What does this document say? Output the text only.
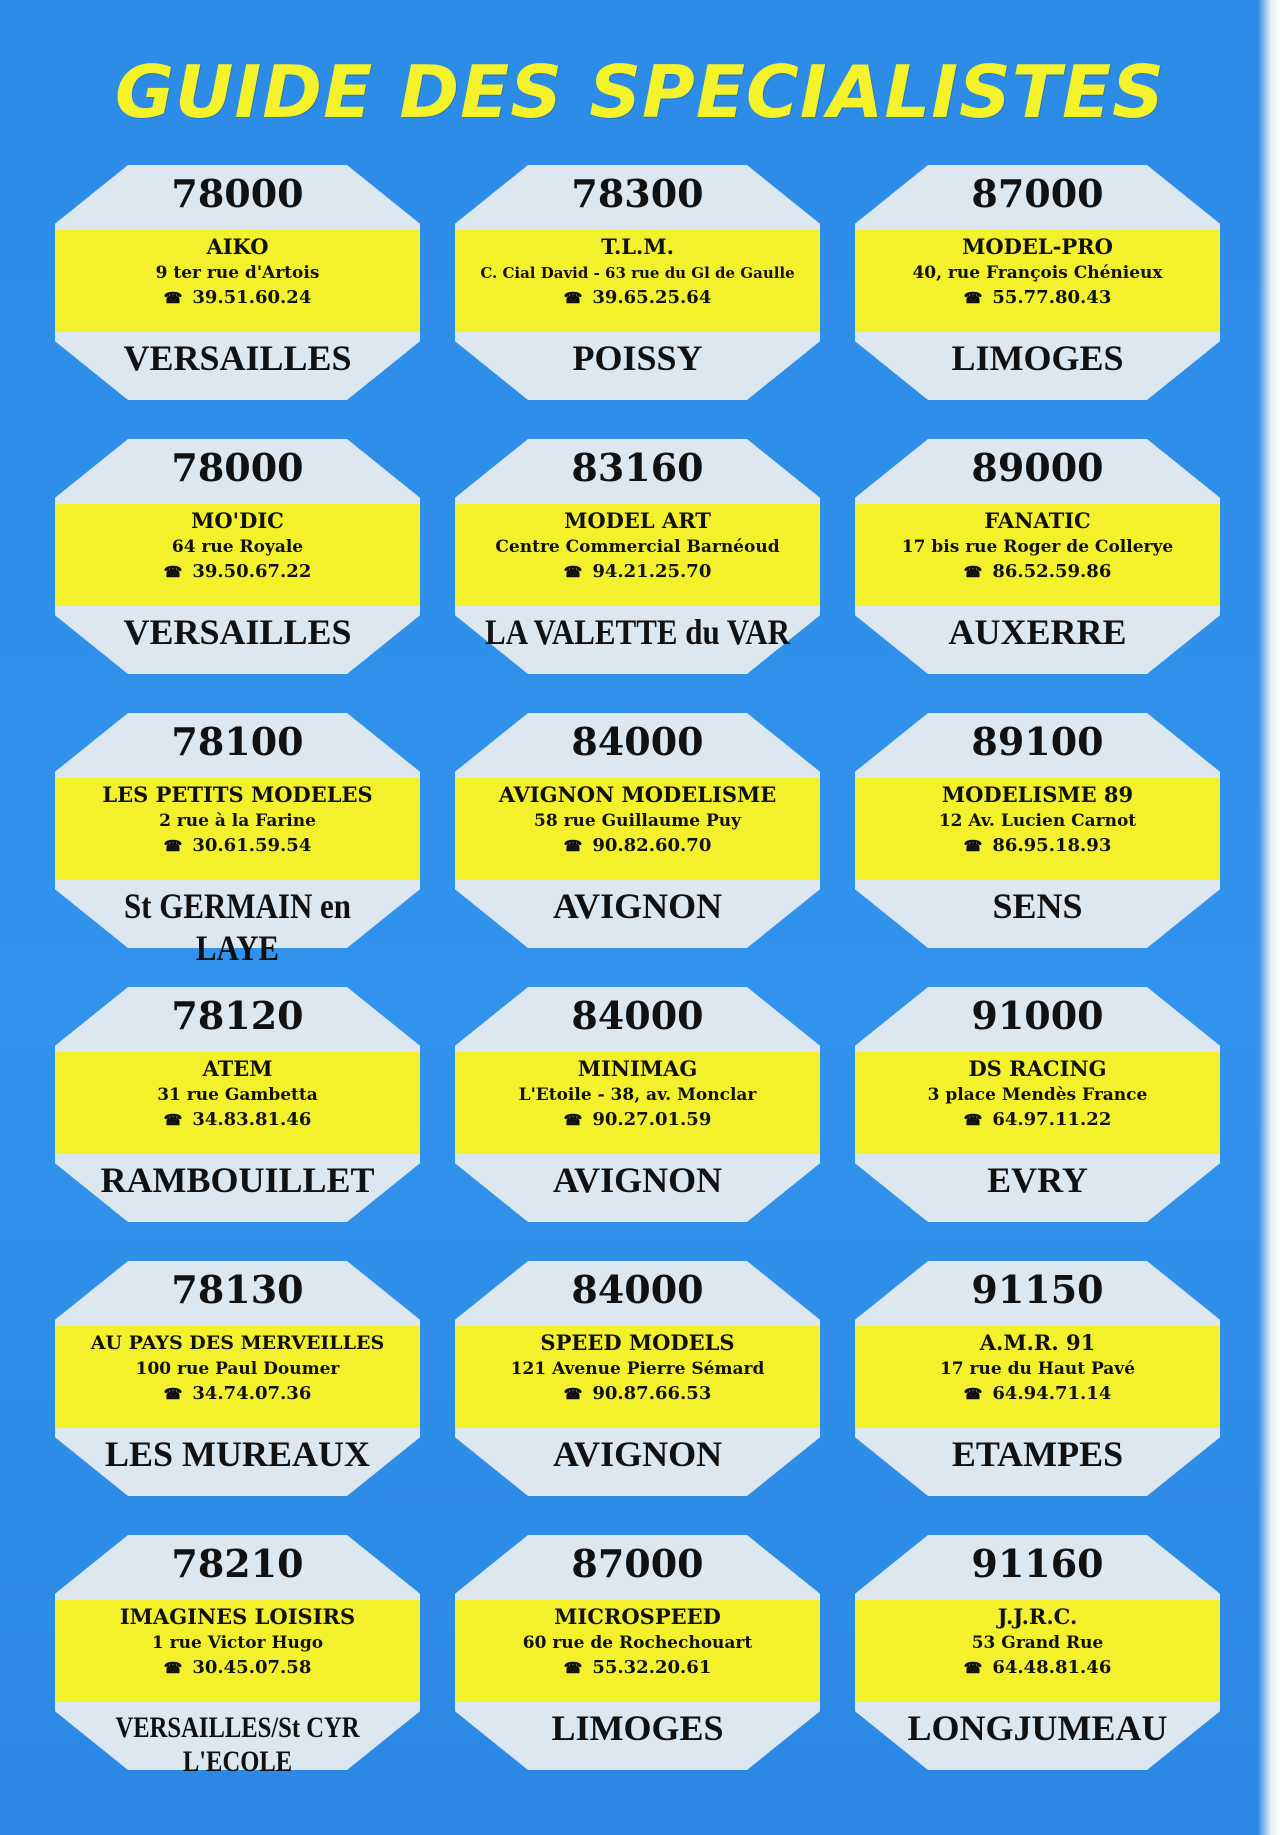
GUIDE DES SPECIALISTES
78000
AIKO
9 ter rue d'Artois
☎ 39.51.60.24
VERSAILLES
78300
T.L.M.
C. Cial David - 63 rue du Gl de Gaulle
☎ 39.65.25.64
POISSY
87000
MODEL-PRO
40, rue François Chénieux
☎ 55.77.80.43
LIMOGES
78000
MO'DIC
64 rue Royale
☎ 39.50.67.22
VERSAILLES
83160
MODEL ART
Centre Commercial Barnéoud
☎ 94.21.25.70
LA VALETTE du VAR
89000
FANATIC
17 bis rue Roger de Collerye
☎ 86.52.59.86
AUXERRE
78100
LES PETITS MODELES
2 rue à la Farine
☎ 30.61.59.54
St GERMAIN en LAYE
84000
AVIGNON MODELISME
58 rue Guillaume Puy
☎ 90.82.60.70
AVIGNON
89100
MODELISME 89
12 Av. Lucien Carnot
☎ 86.95.18.93
SENS
78120
ATEM
31 rue Gambetta
☎ 34.83.81.46
RAMBOUILLET
84000
MINIMAG
L'Etoile - 38, av. Monclar
☎ 90.27.01.59
AVIGNON
91000
DS RACING
3 place Mendès France
☎ 64.97.11.22
EVRY
78130
AU PAYS DES MERVEILLES
100 rue Paul Doumer
☎ 34.74.07.36
LES MUREAUX
84000
SPEED MODELS
121 Avenue Pierre Sémard
☎ 90.87.66.53
AVIGNON
91150
A.M.R. 91
17 rue du Haut Pavé
☎ 64.94.71.14
ETAMPES
78210
IMAGINES LOISIRS
1 rue Victor Hugo
☎ 30.45.07.58
VERSAILLES/St CYR L'ECOLE
87000
MICROSPEED
60 rue de Rochechouart
☎ 55.32.20.61
LIMOGES
91160
J.J.R.C.
53 Grand Rue
☎ 64.48.81.46
LONGJUMEAU
